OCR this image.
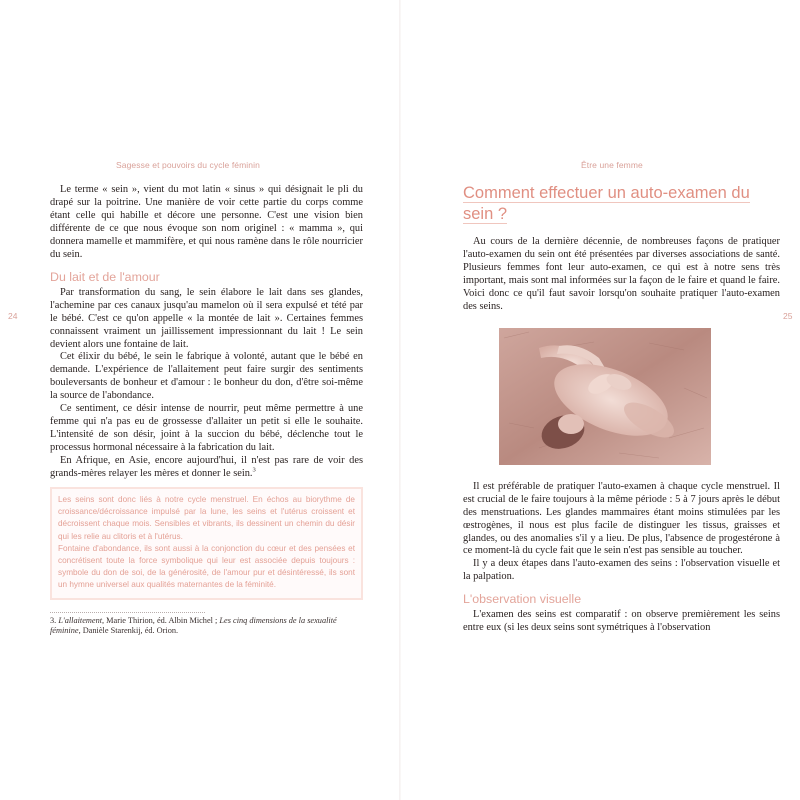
Sagesse et pouvoirs du cycle féminin
24

Le terme « sein », vient du mot latin « sinus » qui désignait le pli du drapé sur la poitrine. Une manière de voir cette partie du corps comme étant celle qui habille et décore une personne. C'est une vision bien différente de ce que nous évoque son nom originel : « mamma », qui donnera mamelle et mammifère, et qui nous ramène dans le rôle nourricier du sein.

Du lait et de l'amour

Par transformation du sang, le sein élabore le lait dans ses glandes, l'achemine par ces canaux jusqu'au mamelon où il sera expulsé et tété par le bébé. C'est ce qu'on appelle « la montée de lait ». Certaines femmes connaissent vraiment un jaillissement impressionnant du lait ! Le sein devient alors une fontaine de lait.

Cet élixir du bébé, le sein le fabrique à volonté, autant que le bébé en demande. L'expérience de l'allaitement peut faire surgir des sentiments bouleversants de bonheur et d'amour : le bonheur du don, d'être soi-même la source de l'abondance.

Ce sentiment, ce désir intense de nourrir, peut même permettre à une femme qui n'a pas eu de grossesse d'allaiter un petit si elle le souhaite. L'intensité de son désir, joint à la succion du bébé, déclenche tout le processus hormonal nécessaire à la fabrication du lait.

En Afrique, en Asie, encore aujourd'hui, il n'est pas rare de voir des grands-mères relayer les mères et donner le sein.$^3$

Les seins sont donc liés à notre cycle menstruel. En échos au biorythme de croissance/décroissance impulsé par la lune, les seins et l'utérus croissent et décroissent chaque mois. Sensibles et vibrants, ils dessinent un chemin du désir qui les relie au clitoris et à l'utérus.

Fontaine d'abondance, ils sont aussi à la conjonction du cœur et des pensées et concrétisent toute la force symbolique qui leur est associée depuis toujours : symbole du don de soi, de la générosité, de l'amour pur et désintéressé, ils sont un hymne universel aux qualités maternantes de la féminité.

3. L'allaitement, Marie Thirion, éd. Albin Michel ; Les cinq dimensions de la sexualité féminine, Danièle Starenkij, éd. Orion.
Être une femme
25
Comment effectuer un auto-examen du sein ?

Au cours de la dernière décennie, de nombreuses façons de pratiquer l'auto-examen du sein ont été présentées par diverses associations de santé. Plusieurs femmes font leur auto-examen, ce qui est à notre sens très important, mais sont mal informées sur la façon de le faire et quand le faire. Voici donc ce qu'il faut savoir lorsqu'on souhaite pratiquer l'auto-examen des seins.

Il est préférable de pratiquer l'auto-examen à chaque cycle menstruel. Il est crucial de le faire toujours à la même période : 5 à 7 jours après le début des menstruations. Les glandes mammaires étant moins stimulées par les œstrogènes, il nous est plus facile de distinguer les tissus, graisses et glandes, ou des anomalies s'il y a lieu. De plus, l'absence de progestérone à ce moment-là du cycle fait que le sein n'est pas sensible au toucher.

Il y a deux étapes dans l'auto-examen des seins : l'observation visuelle et la palpation.

L'observation visuelle

L'examen des seins est comparatif : on observe premièrement les seins entre eux (si les deux seins sont symétriques à l'observation
